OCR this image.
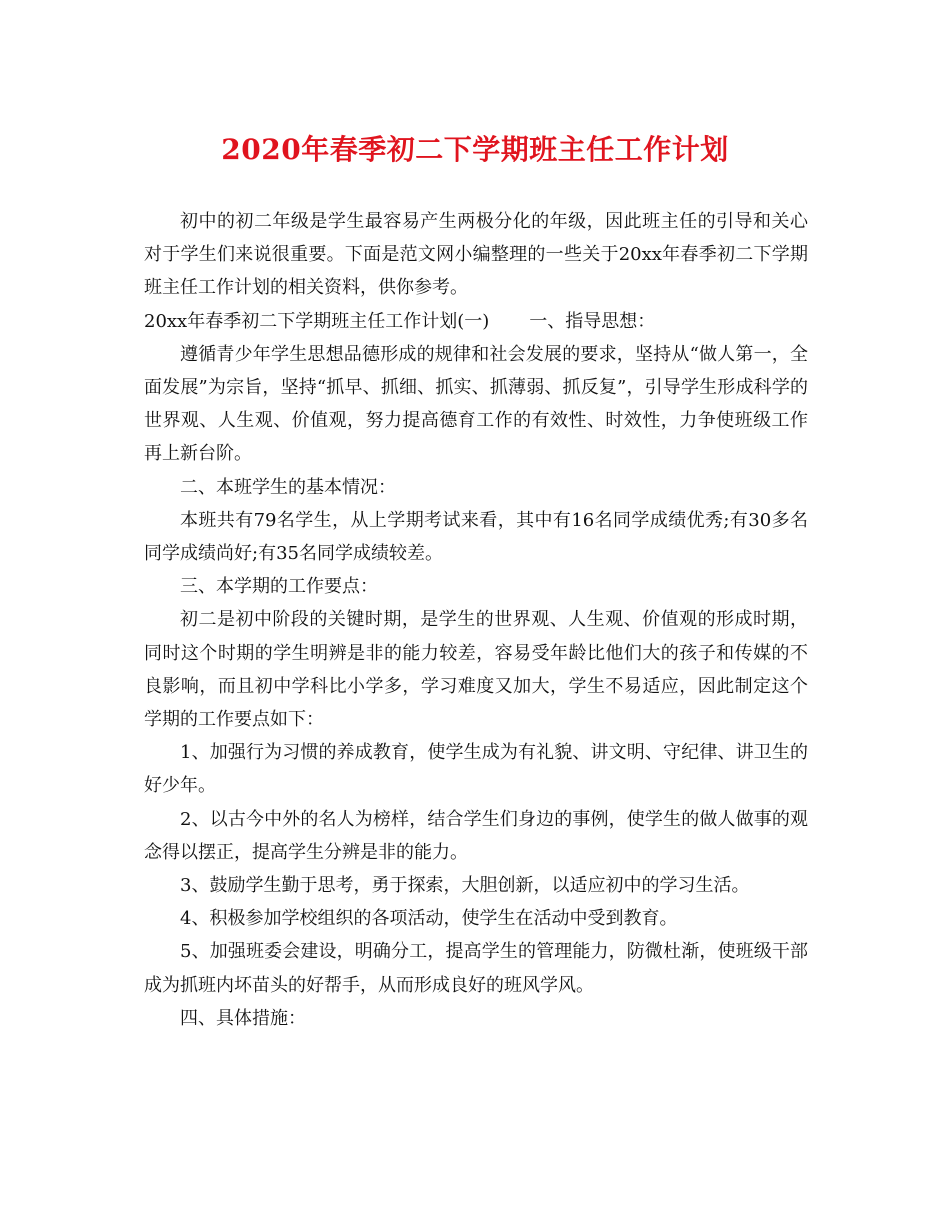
2020年春季初二下学期班主任工作计划

初中的初二年级是学生最容易产生两极分化的年级，因此班主任的引导和关心对于学生们来说很重要。下面是范文网小编整理的一些关于20xx年春季初二下学期班主任工作计划的相关资料，供你参考。

20xx年春季初二下学期班主任工作计划(一) 一、指导思想：

遵循青少年学生思想品德形成的规律和社会发展的要求，坚持从“做人第一，全面发展”为宗旨，坚持“抓早、抓细、抓实、抓薄弱、抓反复”，引导学生形成科学的世界观、人生观、价值观，努力提高德育工作的有效性、时效性，力争使班级工作再上新台阶。

二、本班学生的基本情况：

本班共有79名学生，从上学期考试来看，其中有16名同学成绩优秀;有30多名同学成绩尚好;有35名同学成绩较差。

三、本学期的工作要点：

初二是初中阶段的关键时期，是学生的世界观、人生观、价值观的形成时期，同时这个时期的学生明辨是非的能力较差，容易受年龄比他们大的孩子和传媒的不良影响，而且初中学科比小学多，学习难度又加大，学生不易适应，因此制定这个学期的工作要点如下：

1、加强行为习惯的养成教育，使学生成为有礼貌、讲文明、守纪律、讲卫生的好少年。

2、以古今中外的名人为榜样，结合学生们身边的事例，使学生的做人做事的观念得以摆正，提高学生分辨是非的能力。

3、鼓励学生勤于思考，勇于探索，大胆创新，以适应初中的学习生活。

4、积极参加学校组织的各项活动，使学生在活动中受到教育。

5、加强班委会建设，明确分工，提高学生的管理能力，防微杜渐，使班级干部成为抓班内坏苗头的好帮手，从而形成良好的班风学风。

四、具体措施：
